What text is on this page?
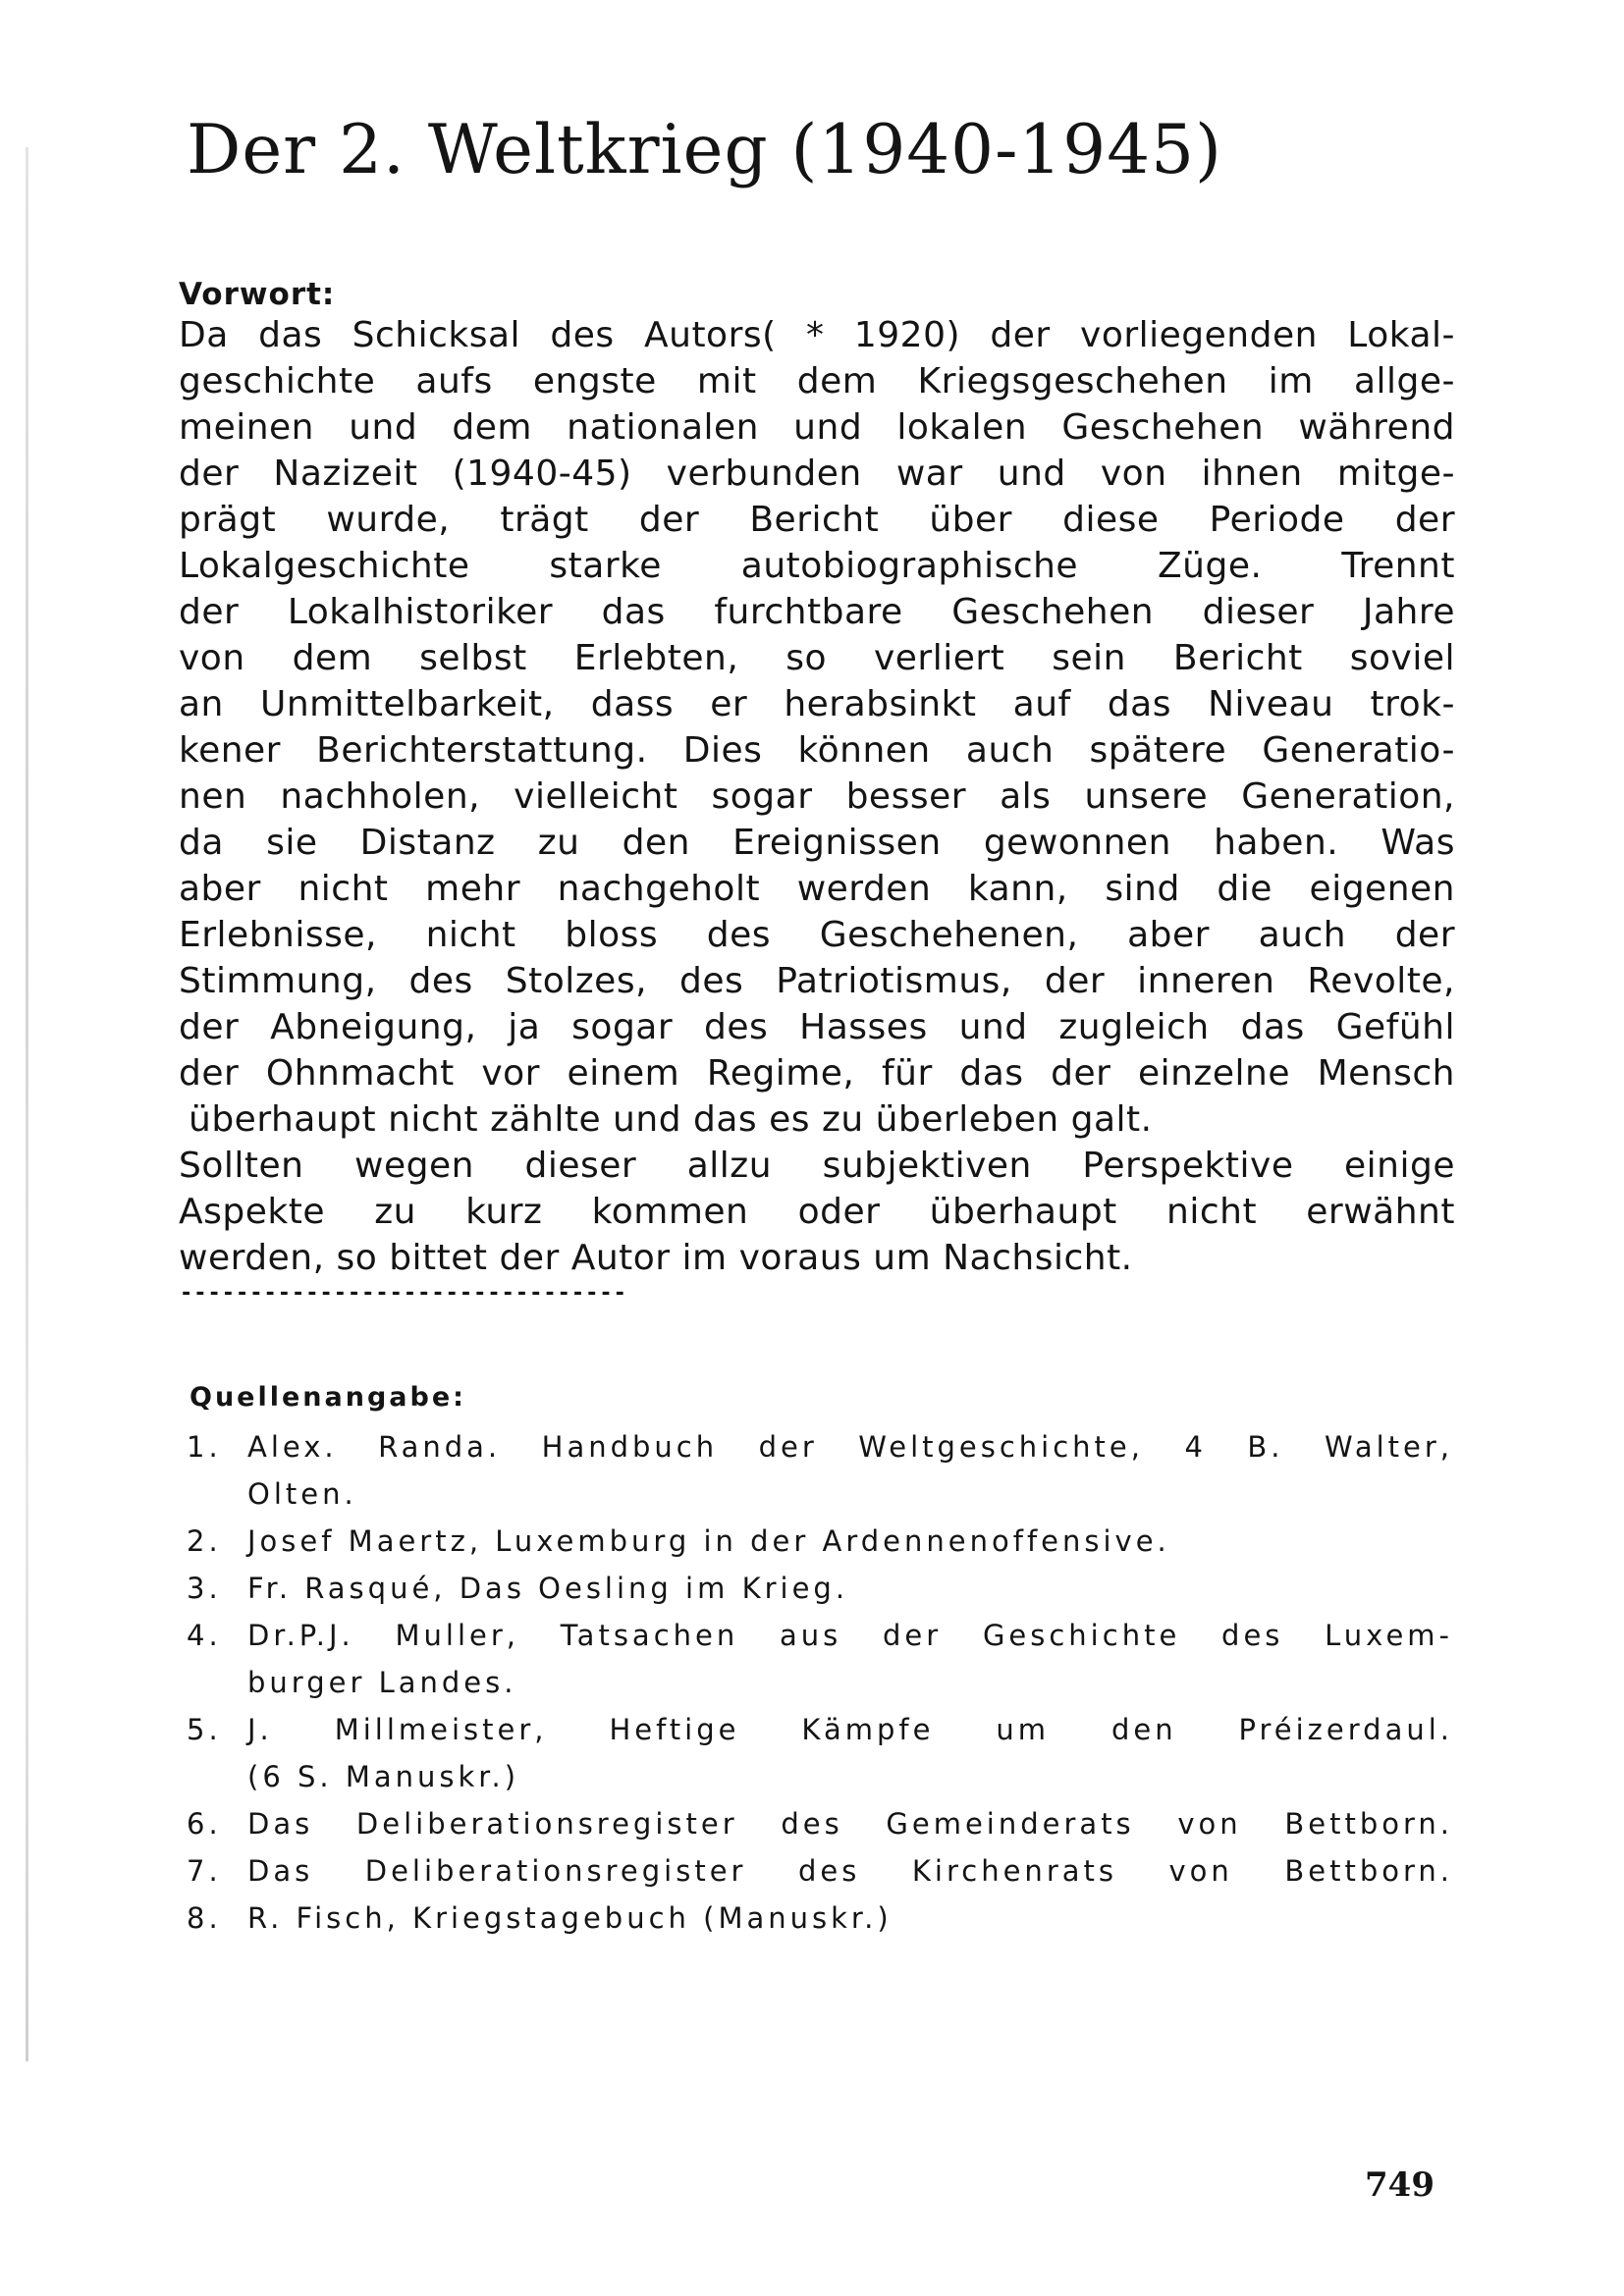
Der 2. Weltkrieg (1940-1945)
Vorwort:
Da das Schicksal des Autors( * 1920) der vorliegenden Lokal-
geschichte aufs engste mit dem Kriegsgeschehen im allge-
meinen und dem nationalen und lokalen Geschehen während
der Nazizeit (1940-45) verbunden war und von ihnen mitge-
prägt wurde, trägt der Bericht über diese Periode der
Lokalgeschichte starke autobiographische Züge. Trennt
der Lokalhistoriker das furchtbare Geschehen dieser Jahre
von dem selbst Erlebten, so verliert sein Bericht soviel
an Unmittelbarkeit, dass er herabsinkt auf das Niveau trok-
kener Berichterstattung. Dies können auch spätere Generatio-
nen nachholen, vielleicht sogar besser als unsere Generation,
da sie Distanz zu den Ereignissen gewonnen haben. Was
aber nicht mehr nachgeholt werden kann, sind die eigenen
Erlebnisse, nicht bloss des Geschehenen, aber auch der
Stimmung, des Stolzes, des Patriotismus, der inneren Revolte,
der Abneigung, ja sogar des Hasses und zugleich das Gefühl
der Ohnmacht vor einem Regime, für das der einzelne Mensch
überhaupt nicht zählte und das es zu überleben galt.
Sollten wegen dieser allzu subjektiven Perspektive einige
Aspekte zu kurz kommen oder überhaupt nicht erwähnt
werden, so bittet der Autor im voraus um Nachsicht.
--------------------------------
Quellenangabe:
1. Alex. Randa. Handbuch der Weltgeschichte, 4 B. Walter,
Olten.
2. Josef Maertz, Luxemburg in der Ardennenoffensive.
3. Fr. Rasqué, Das Oesling im Krieg.
4. Dr.P.J. Muller, Tatsachen aus der Geschichte des Luxem-
burger Landes.
5. J. Millmeister, Heftige Kämpfe um den Préizerdaul.
(6 S. Manuskr.)
6. Das Deliberationsregister des Gemeinderats von Bettborn.
7. Das Deliberationsregister des Kirchenrats von Bettborn.
8. R. Fisch, Kriegstagebuch (Manuskr.)
749
